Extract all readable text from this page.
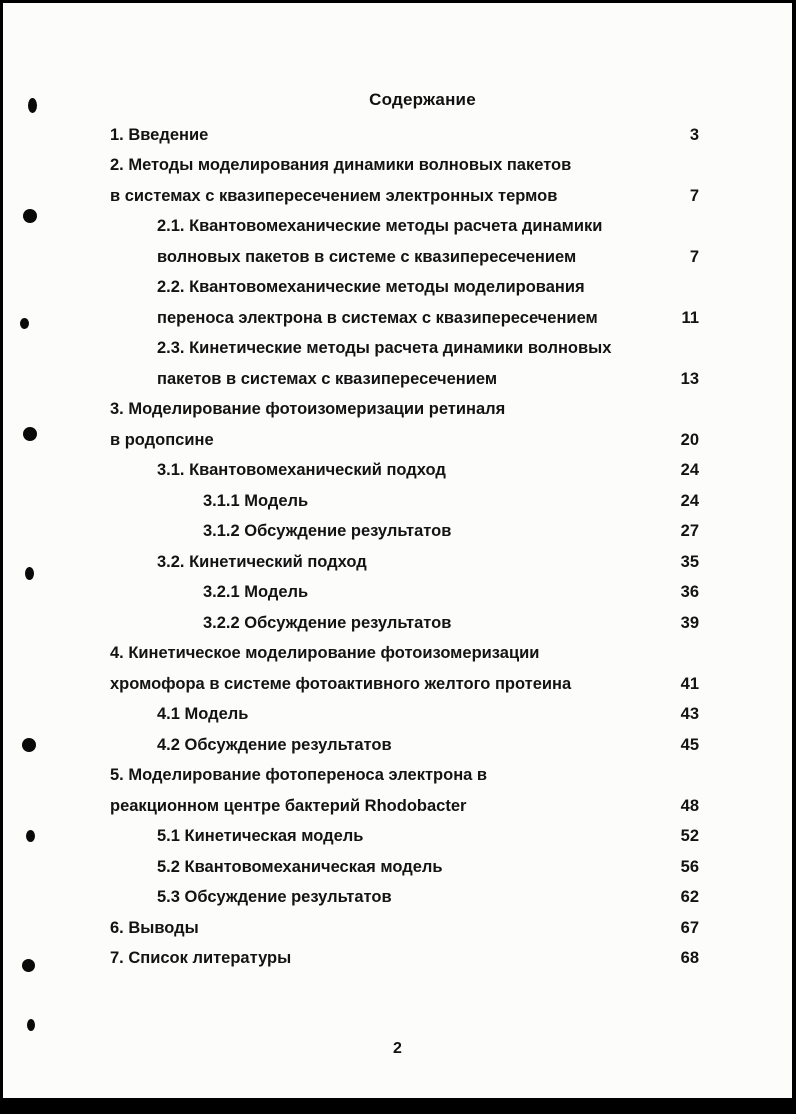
Содержание
1. Введение	3
2. Методы моделирования динамики волновых пакетов
в системах с квазипересечением электронных термов	7
2.1. Квантовомеханические методы расчета динамики
волновых пакетов в системе с квазипересечением	7
2.2. Квантовомеханические методы моделирования
переноса электрона в системах с квазипересечением	11
2.3. Кинетические методы расчета динамики волновых
пакетов в системах с квазипересечением	13
3. Моделирование фотоизомеризации ретиналя
в родопсине	20
3.1. Квантовомеханический подход	24
3.1.1 Модель	24
3.1.2 Обсуждение результатов	27
3.2. Кинетический подход	35
3.2.1 Модель	36
3.2.2 Обсуждение результатов	39
4. Кинетическое моделирование фотоизомеризации
хромофора в системе фотоактивного желтого протеина	41
4.1 Модель	43
4.2 Обсуждение результатов	45
5. Моделирование фотопереноса электрона в
реакционном центре бактерий Rhodobacter	48
5.1 Кинетическая модель	52
5.2 Квантовомеханическая модель	56
5.3 Обсуждение результатов	62
6. Выводы	67
7. Список литературы	68
2
